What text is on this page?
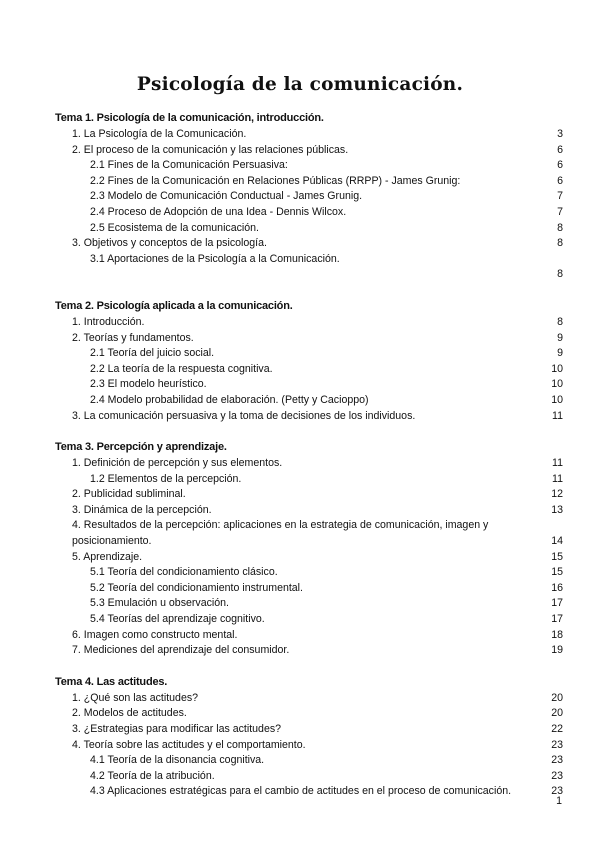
Psicología de la comunicación.
Tema 1. Psicología de la comunicación, introducción.
1. La Psicología de la Comunicación.	3
2. El proceso de la comunicación y las relaciones públicas.	6
2.1 Fines de la Comunicación Persuasiva:	6
2.2 Fines de la Comunicación en Relaciones Públicas (RRPP) - James Grunig:	6
2.3 Modelo de Comunicación Conductual - James Grunig.	7
2.4 Proceso de Adopción de una Idea - Dennis Wilcox.	7
2.5 Ecosistema de la comunicación.	8
3. Objetivos y conceptos de la psicología.	8
3.1 Aportaciones de la Psicología a la Comunicación.
8
Tema 2. Psicología aplicada a la comunicación.
1. Introducción.	8
2. Teorías y fundamentos.	9
2.1 Teoría del juicio social.	9
2.2 La teoría de la respuesta cognitiva.	10
2.3 El modelo heurístico.	10
2.4 Modelo probabilidad de elaboración. (Petty y Cacioppo)	10
3. La comunicación persuasiva y la toma de decisiones de los individuos.	11
Tema 3. Percepción y aprendizaje.
1. Definición de percepción y sus elementos.	11
1.2 Elementos de la percepción.	11
2. Publicidad subliminal.	12
3. Dinámica de la percepción.	13
4. Resultados de la percepción: aplicaciones en la estrategia de comunicación, imagen y posicionamiento.	14
5. Aprendizaje.	15
5.1 Teoría del condicionamiento clásico.	15
5.2 Teoría del condicionamiento instrumental.	16
5.3 Emulación u observación.	17
5.4 Teorías del aprendizaje cognitivo.	17
6. Imagen como constructo mental.	18
7. Mediciones del aprendizaje del consumidor.	19
Tema 4. Las actitudes.
1. ¿Qué son las actitudes?	20
2. Modelos de actitudes.	20
3. ¿Estrategias para modificar las actitudes?	22
4. Teoría sobre las actitudes y el comportamiento.	23
4.1 Teoría de la disonancia cognitiva.	23
4.2 Teoría de la atribución.	23
4.3 Aplicaciones estratégicas para el cambio de actitudes en el proceso de comunicación.	23
1
